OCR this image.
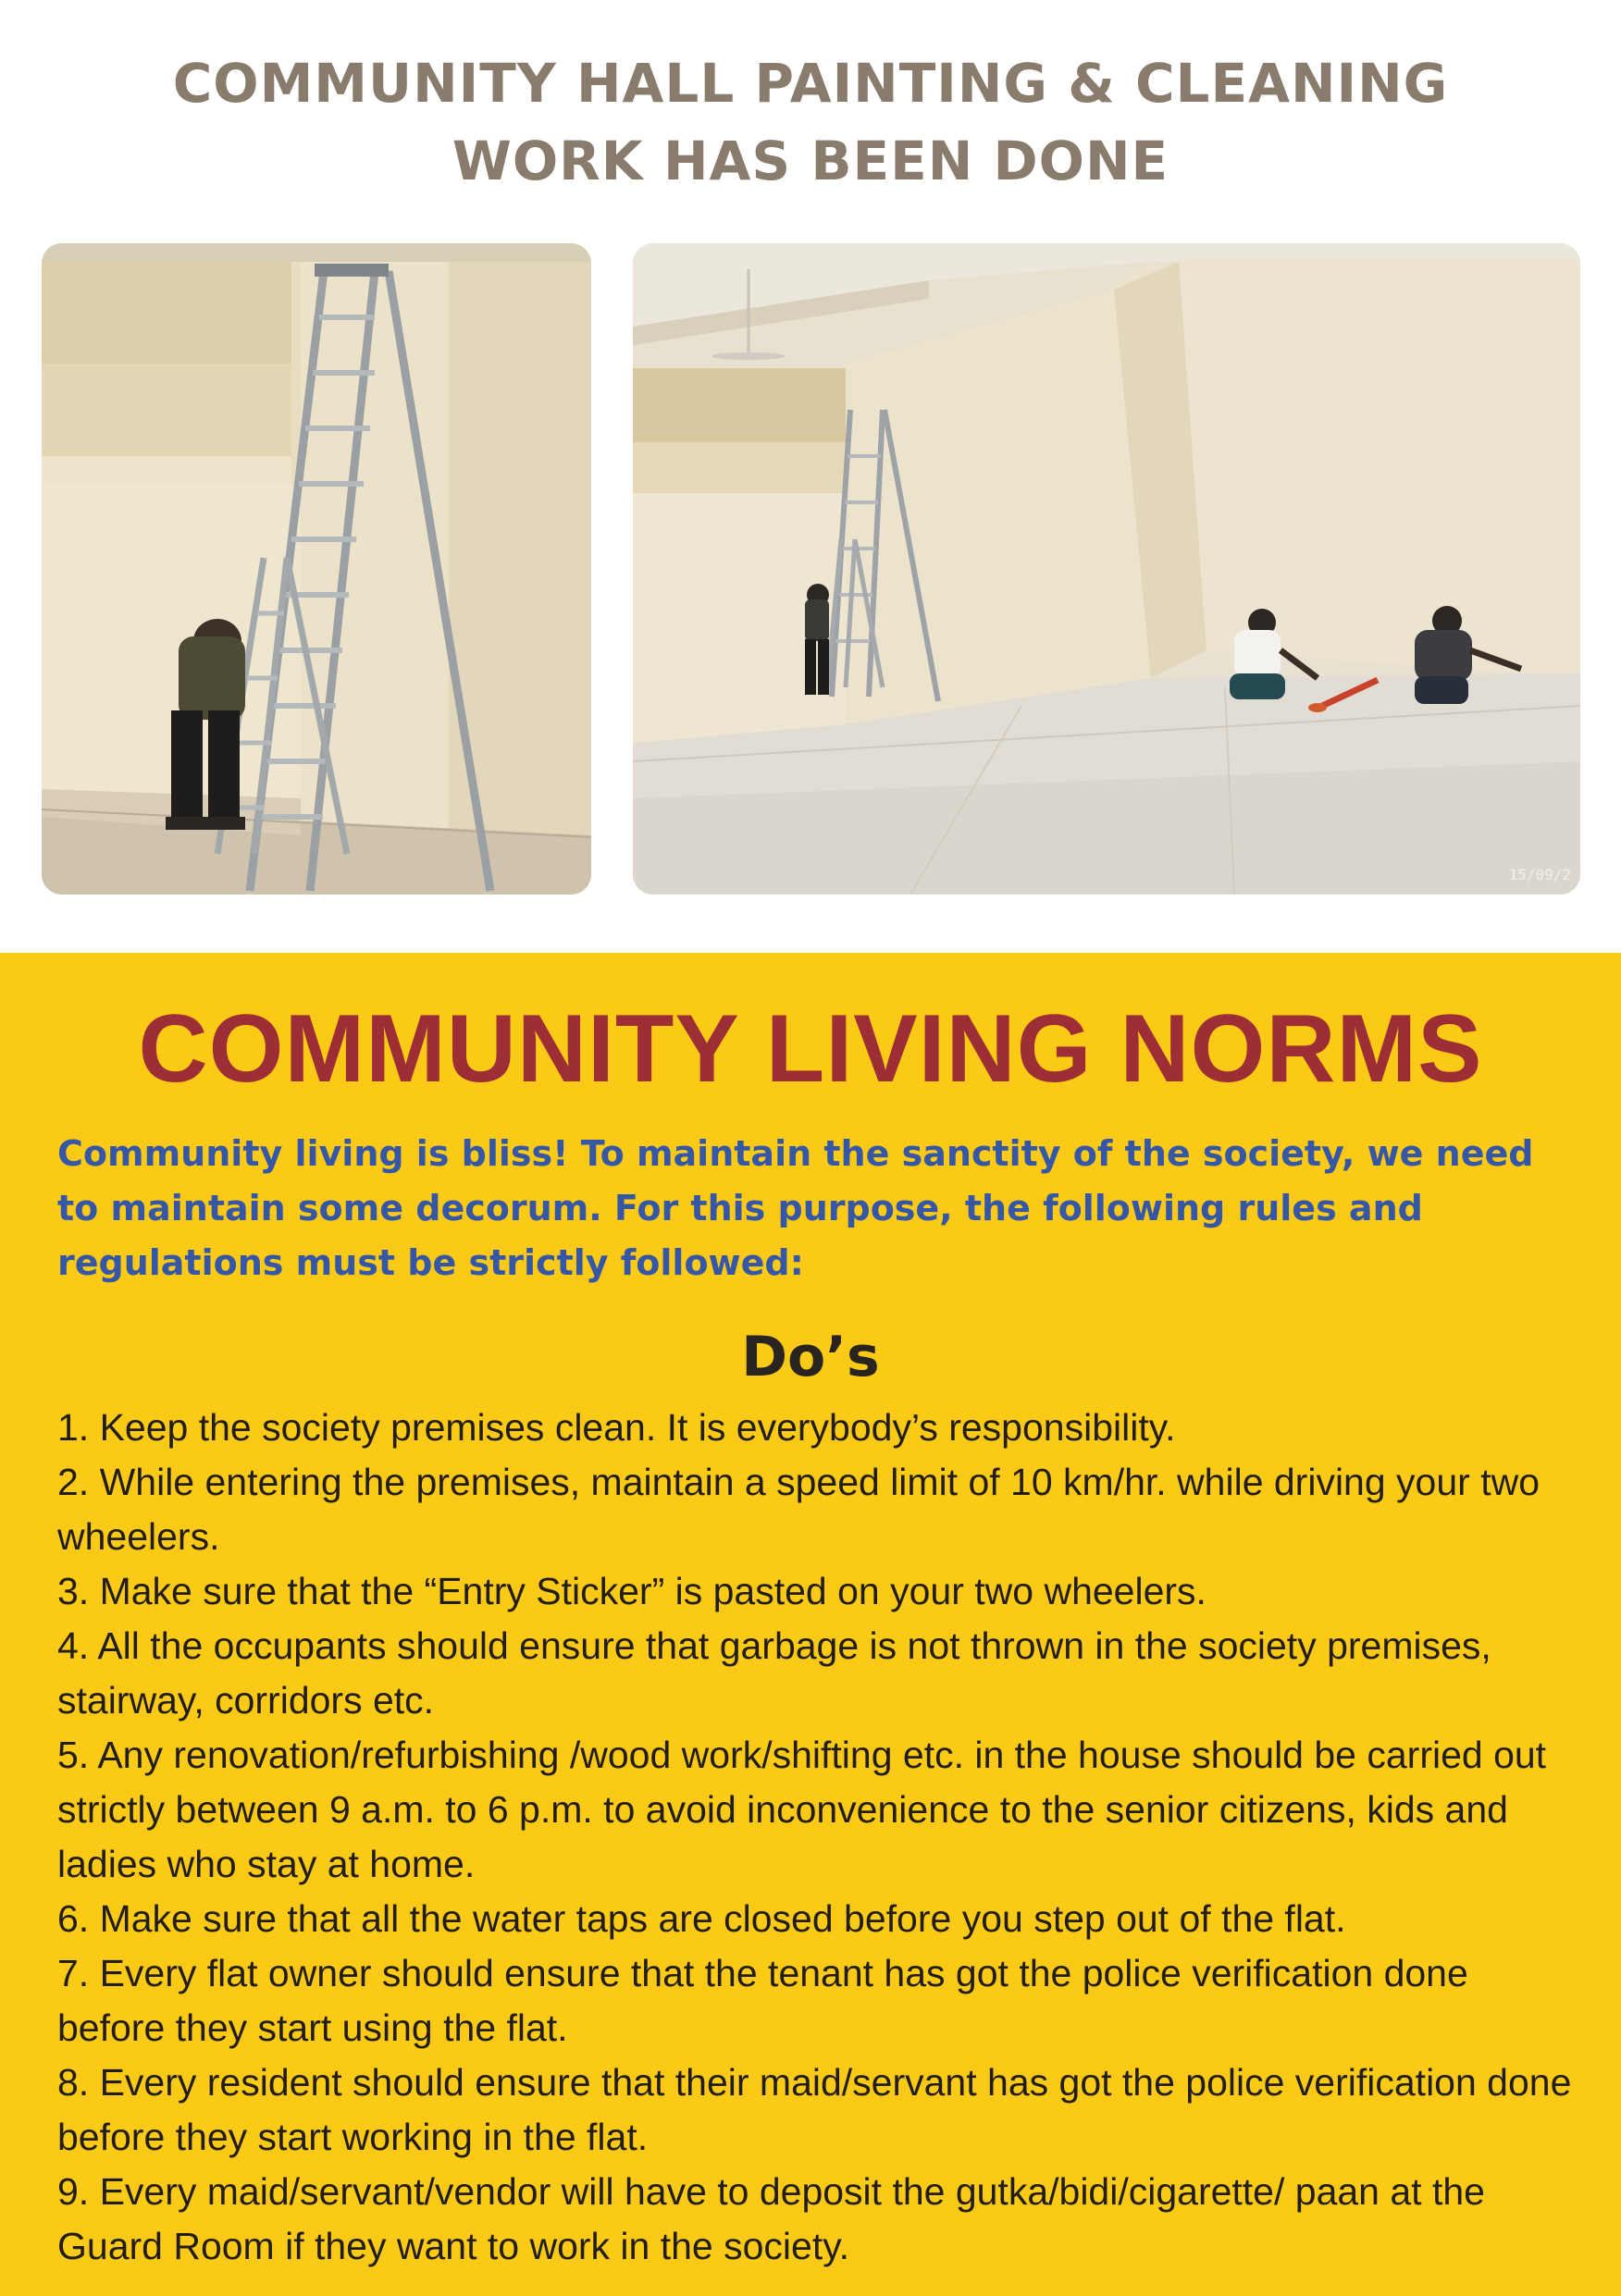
COMMUNITY HALL PAINTING & CLEANING
WORK HAS BEEN DONE
15/09/2
COMMUNITY LIVING NORMS
Community living is bliss! To maintain the sanctity of the society, we need to maintain some decorum. For this purpose, the following rules and regulations must be strictly followed:
Do’s
1. Keep the society premises clean. It is everybody’s responsibility.
2. While entering the premises, maintain a speed limit of 10 km/hr. while driving your two wheelers.
3. Make sure that the “Entry Sticker” is pasted on your two wheelers.
4. All the occupants should ensure that garbage is not thrown in the society premises, stairway, corridors etc.
5. Any renovation/refurbishing /wood work/shifting etc. in the house should be carried out strictly between 9 a.m. to 6 p.m. to avoid inconvenience to the senior citizens, kids and ladies who stay at home.
6. Make sure that all the water taps are closed before you step out of the flat.
7. Every flat owner should ensure that the tenant has got the police verification done before they start using the flat.
8. Every resident should ensure that their maid/servant has got the police verification done before they start working in the flat.
9. Every maid/servant/vendor will have to deposit the gutka/bidi/cigarette/ paan at the Guard Room if they want to work in the society.
